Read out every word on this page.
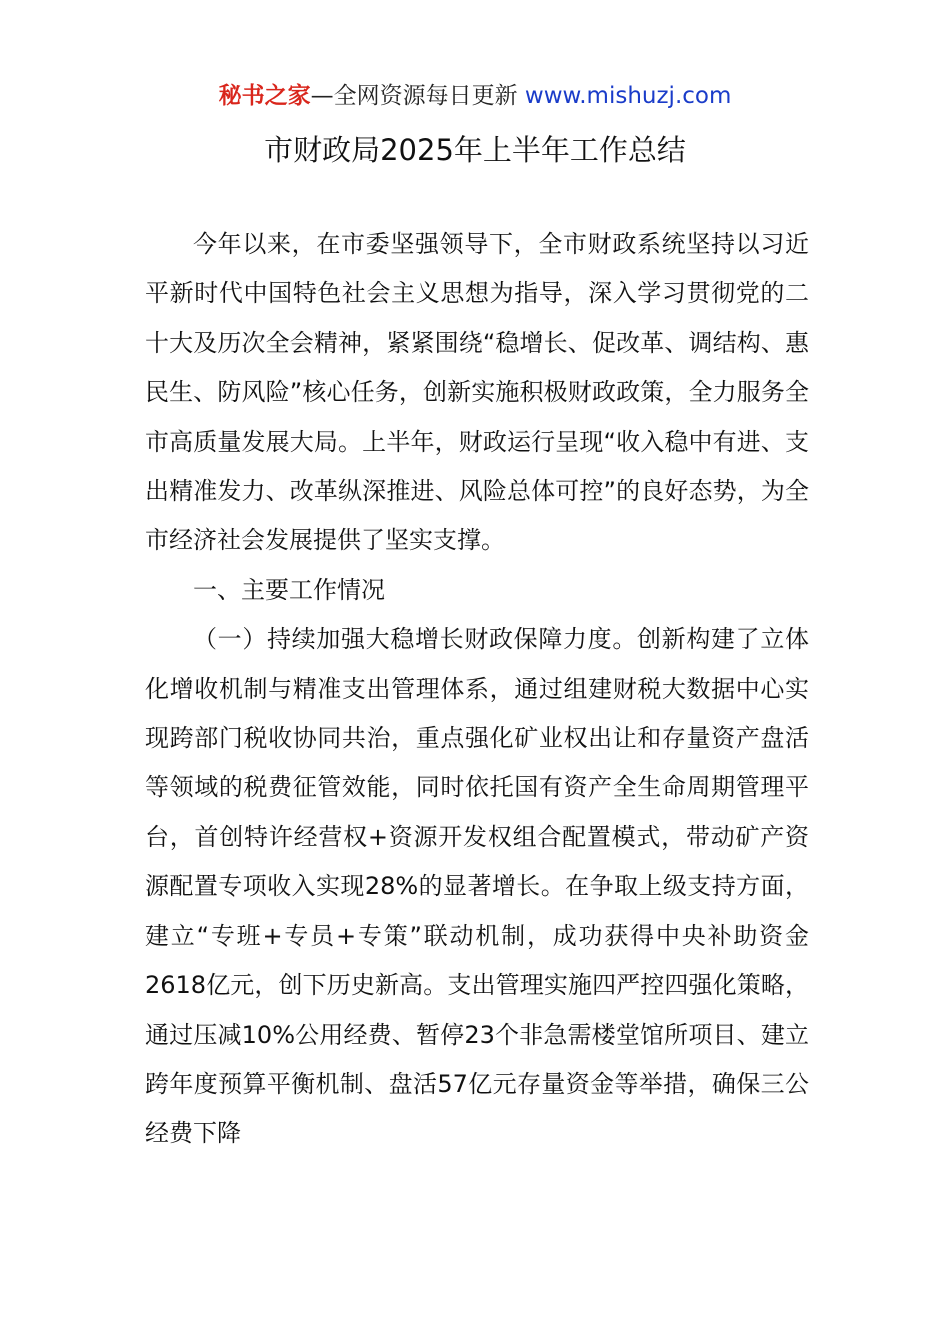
秘书之家—全网资源每日更新 www.mishuzj.com
市财政局2025年上半年工作总结

今年以来，在市委坚强领导下，全市财政系统坚持以习近平新时代中国特色社会主义思想为指导，深入学习贯彻党的二十大及历次全会精神，紧紧围绕“稳增长、促改革、调结构、惠民生、防风险”核心任务，创新实施积极财政政策，全力服务全市高质量发展大局。上半年，财政运行呈现“收入稳中有进、支出精准发力、改革纵深推进、风险总体可控”的良好态势，为全市经济社会发展提供了坚实支撑。

一、主要工作情况

（一）持续加强大稳增长财政保障力度。创新构建了立体化增收机制与精准支出管理体系，通过组建财税大数据中心实现跨部门税收协同共治，重点强化矿业权出让和存量资产盘活等领域的税费征管效能，同时依托国有资产全生命周期管理平台，首创特许经营权+资源开发权组合配置模式，带动矿产资源配置专项收入实现28%的显著增长。在争取上级支持方面，建立“专班+专员+专策”联动机制，成功获得中央补助资金2618亿元，创下历史新高。支出管理实施四严控四强化策略，通过压减10%公用经费、暂停23个非急需楼堂馆所项目、建立跨年度预算平衡机制、盘活57亿元存量资金等举措，确保三公经费下降
